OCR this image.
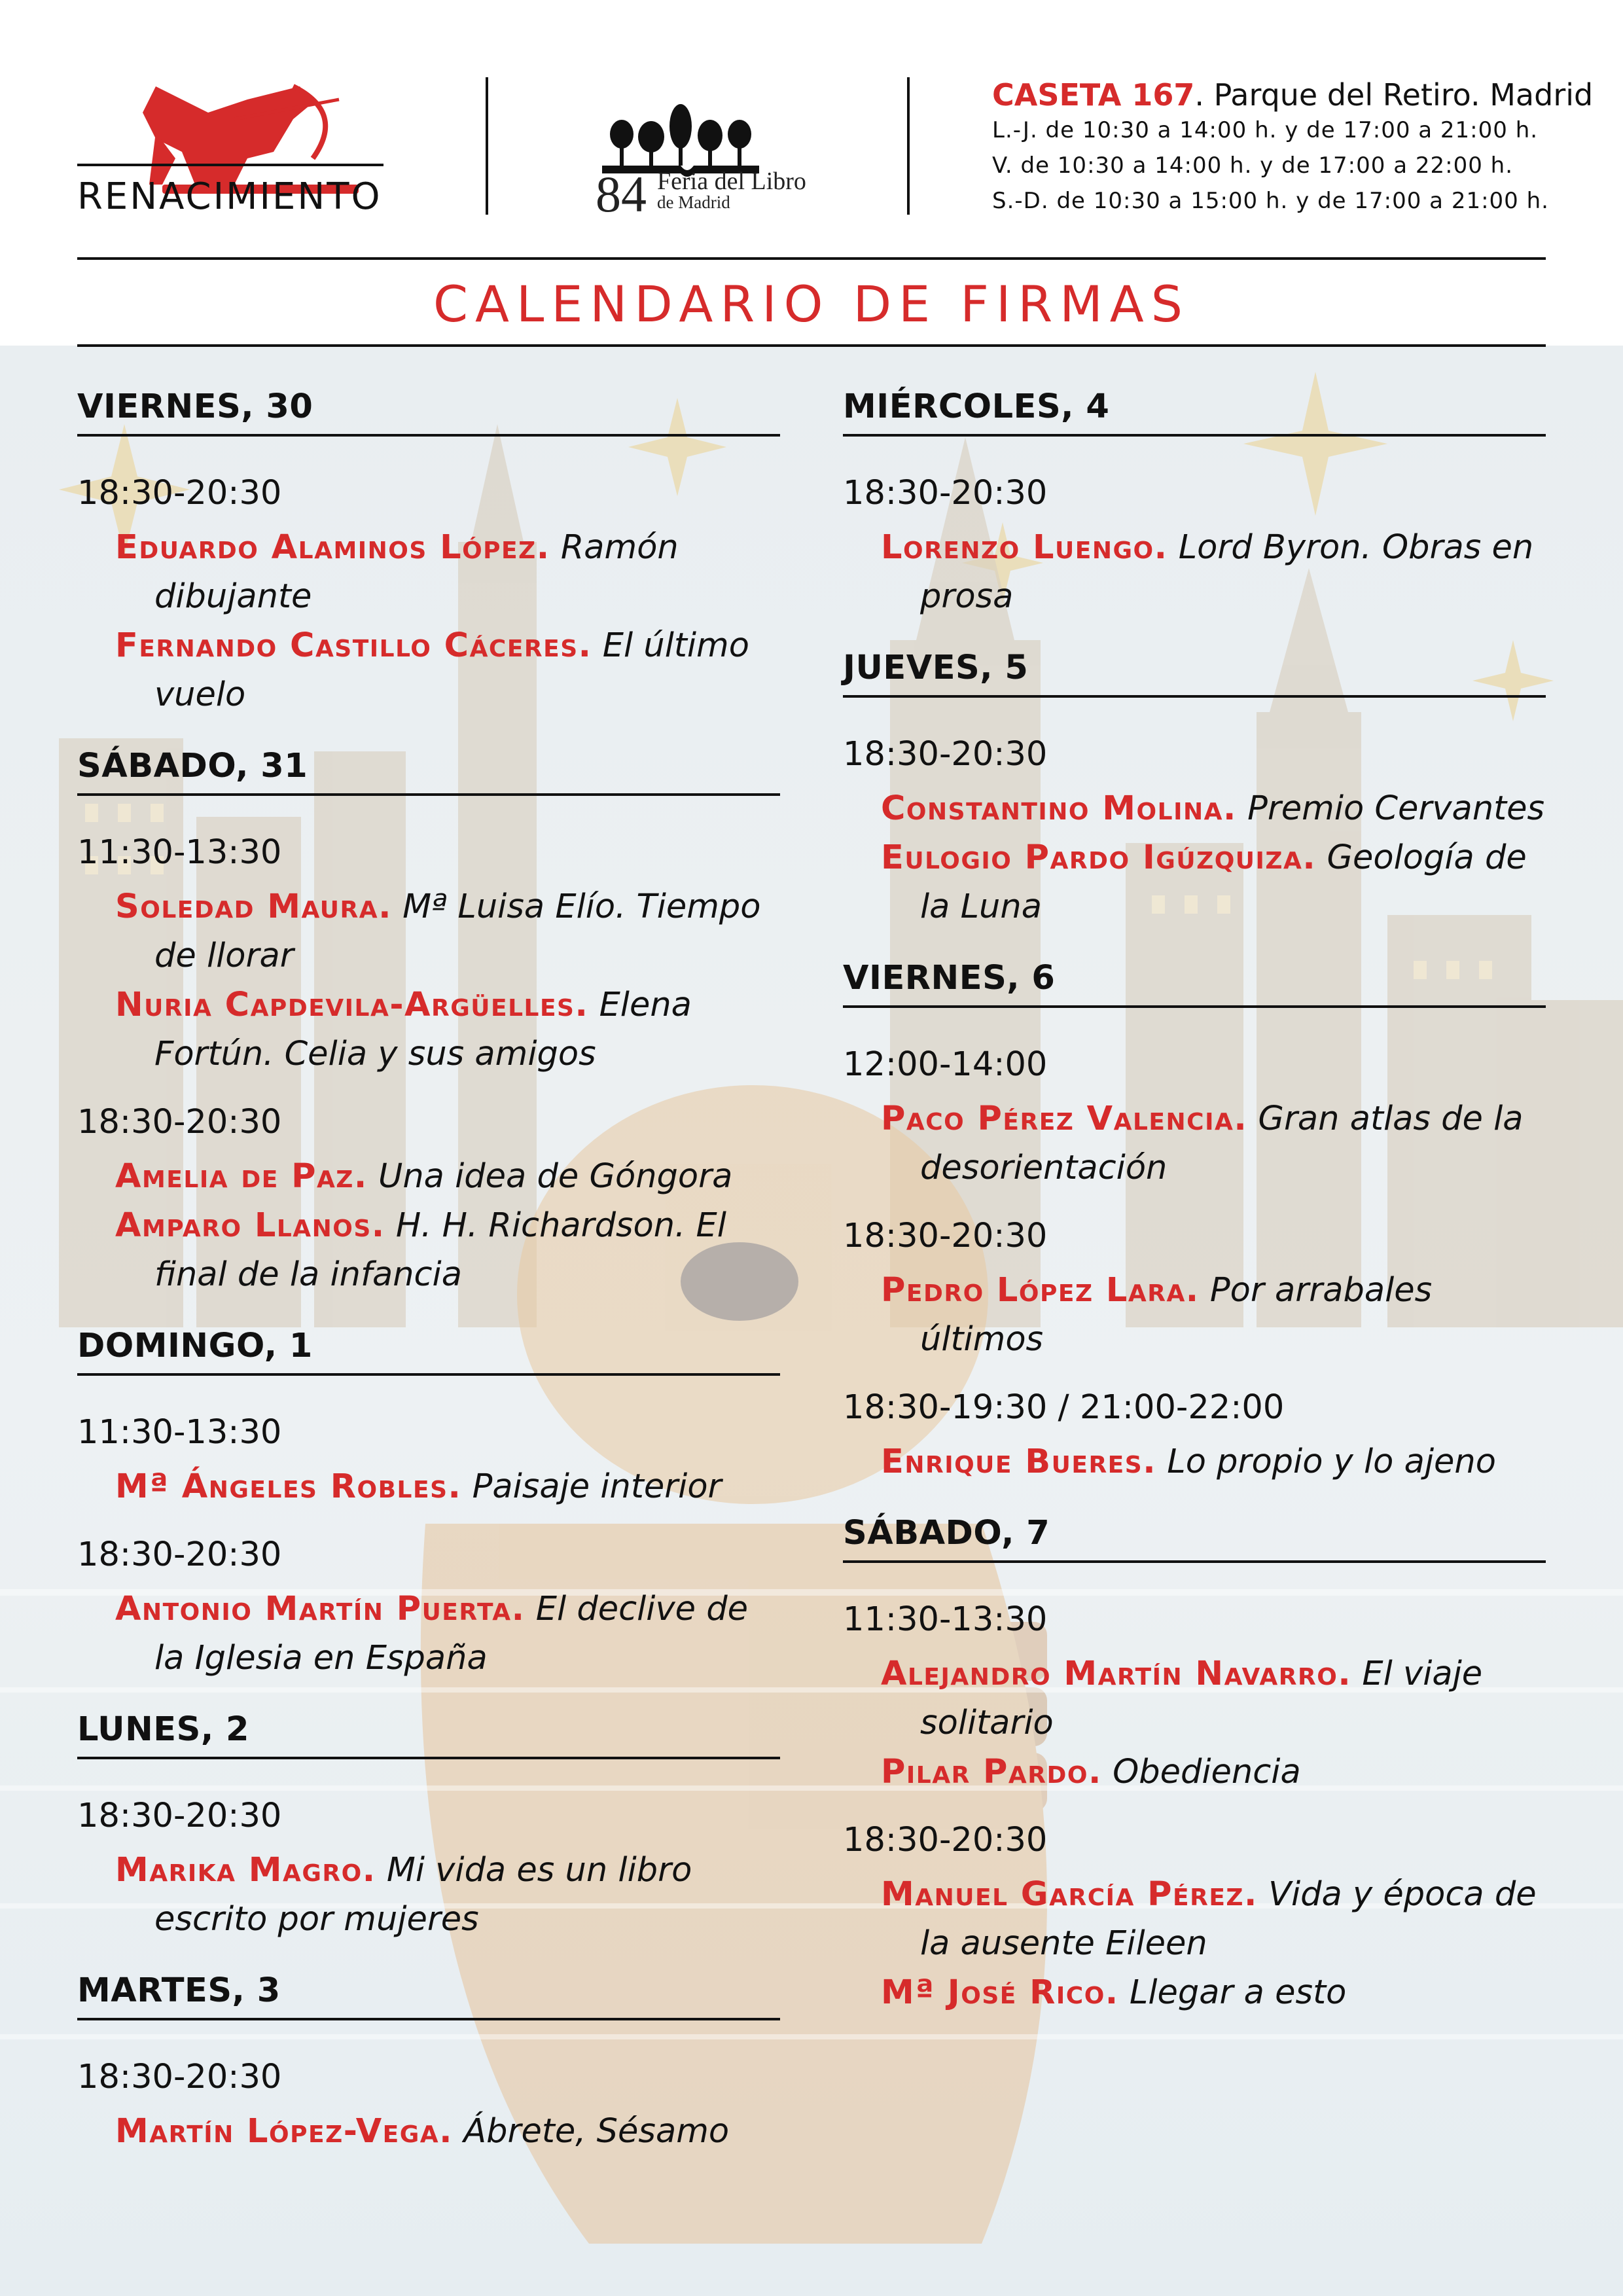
RENACIMIENTO	84 Feria del Libro
de Madrid
CASETA 167. Parque del Retiro. Madrid
L.-J. de 10:30 a 14:00 h. y de 17:00 a 21:00 h.
V. de 10:30 a 14:00 h. y de 17:00 a 22:00 h.
S.-D. de 10:30 a 15:00 h. y de 17:00 a 21:00 h.
CALENDARIO DE FIRMAS
VIERNES, 30
18:30-20:30
Eduardo Alaminos López. Ramón dibujante
Fernando Castillo Cáceres. El último vuelo
SÁBADO, 31
11:30-13:30
Soledad Maura. Mª Luisa Elío. Tiempo de llorar
Nuria Capdevila-Argüelles. Elena Fortún. Celia y sus amigos
18:30-20:30
Amelia de Paz. Una idea de Góngora
Amparo Llanos. H. H. Richardson. El final de la infancia
DOMINGO, 1
11:30-13:30
Mª Ángeles Robles. Paisaje interior
18:30-20:30
Antonio Martín Puerta. El declive de la Iglesia en España
LUNES, 2
18:30-20:30
Marika Magro. Mi vida es un libro escrito por mujeres
MARTES, 3
18:30-20:30
Martín López-Vega. Ábrete, Sésamo
MIÉRCOLES, 4
18:30-20:30
Lorenzo Luengo. Lord Byron. Obras en prosa
JUEVES, 5
18:30-20:30
Constantino Molina. Premio Cervantes
Eulogio Pardo Igúzquiza. Geología de la Luna
VIERNES, 6
12:00-14:00
Paco Pérez Valencia. Gran atlas de la desorientación
18:30-20:30
Pedro López Lara. Por arrabales últimos
18:30-19:30 / 21:00-22:00
Enrique Bueres. Lo propio y lo ajeno
SÁBADO, 7
11:30-13:30
Alejandro Martín Navarro. El viaje solitario
Pilar Pardo. Obediencia
18:30-20:30
Manuel García Pérez. Vida y época de la ausente Eileen
Mª José Rico. Llegar a esto
